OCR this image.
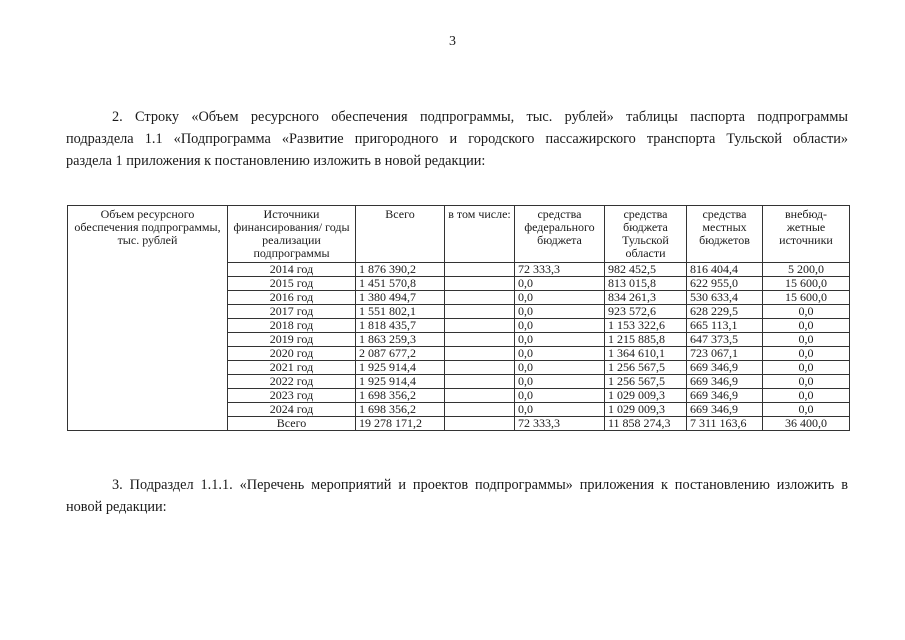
3

2. Строку «Объем ресурсного обеспечения подпрограммы, тыс. рублей» таблицы паспорта подпрограммы
подраздела 1.1 «Подпрограмма «Развитие пригородного и городского пассажирского транспорта Тульской области»
раздела 1 приложения к постановлению изложить в новой редакции:

Объем ресурсного обеспечения подпрограммы, тыс. рублей	Источники финансирования/ годы реализации подпрограммы	Всего	в том числе:	средства федерального бюджета	средства бюджета Тульской области	средства местных бюджетов	внебюд-жетные источники
	2014 год	1 876 390,2		72 333,3	982 452,5	816 404,4	5 200,0
	2015 год	1 451 570,8		0,0	813 015,8	622 955,0	15 600,0
	2016 год	1 380 494,7		0,0	834 261,3	530 633,4	15 600,0
	2017 год	1 551 802,1		0,0	923 572,6	628 229,5	0,0
	2018 год	1 818 435,7		0,0	1 153 322,6	665 113,1	0,0
	2019 год	1 863 259,3		0,0	1 215 885,8	647 373,5	0,0
	2020 год	2 087 677,2		0,0	1 364 610,1	723 067,1	0,0
	2021 год	1 925 914,4		0,0	1 256 567,5	669 346,9	0,0
	2022 год	1 925 914,4		0,0	1 256 567,5	669 346,9	0,0
	2023 год	1 698 356,2		0,0	1 029 009,3	669 346,9	0,0
	2024 год	1 698 356,2		0,0	1 029 009,3	669 346,9	0,0
	Всего	19 278 171,2		72 333,3	11 858 274,3	7 311 163,6	36 400,0

3. Подраздел 1.1.1. «Перечень мероприятий и проектов подпрограммы» приложения к постановлению изложить в
новой редакции:
